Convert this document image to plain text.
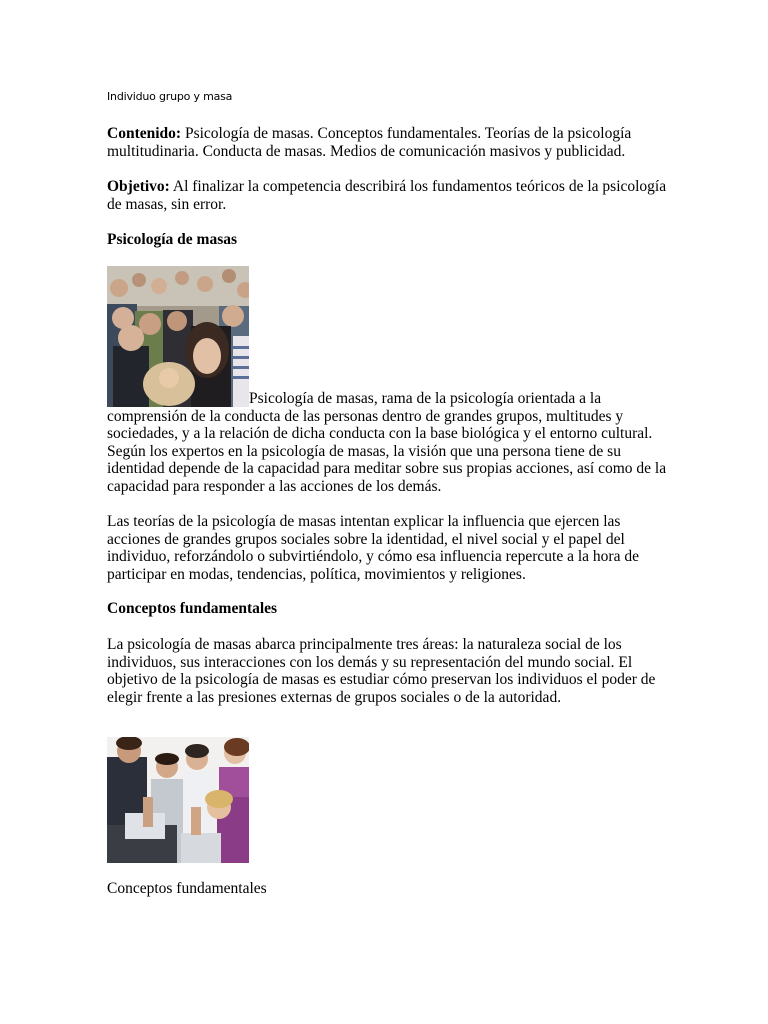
Individuo grupo y masa

Contenido: Psicología de masas. Conceptos fundamentales. Teorías de la psicología multitudinaria. Conducta de masas. Medios de comunicación masivos y publicidad.

Objetivo: Al finalizar la competencia describirá los fundamentos teóricos de la psicología de masas, sin error.

Psicología de masas

Psicología de masas, rama de la psicología orientada a la comprensión de la conducta de las personas dentro de grandes grupos, multitudes y sociedades, y a la relación de dicha conducta con la base biológica y el entorno cultural. Según los expertos en la psicología de masas, la visión que una persona tiene de su identidad depende de la capacidad para meditar sobre sus propias acciones, así como de la capacidad para responder a las acciones de los demás.

Las teorías de la psicología de masas intentan explicar la influencia que ejercen las acciones de grandes grupos sociales sobre la identidad, el nivel social y el papel del individuo, reforzándolo o subvirtiéndolo, y cómo esa influencia repercute a la hora de participar en modas, tendencias, política, movimientos y religiones.

Conceptos fundamentales

La psicología de masas abarca principalmente tres áreas: la naturaleza social de los individuos, sus interacciones con los demás y su representación del mundo social. El objetivo de la psicología de masas es estudiar cómo preservan los individuos el poder de elegir frente a las presiones externas de grupos sociales o de la autoridad.

Conceptos fundamentales
